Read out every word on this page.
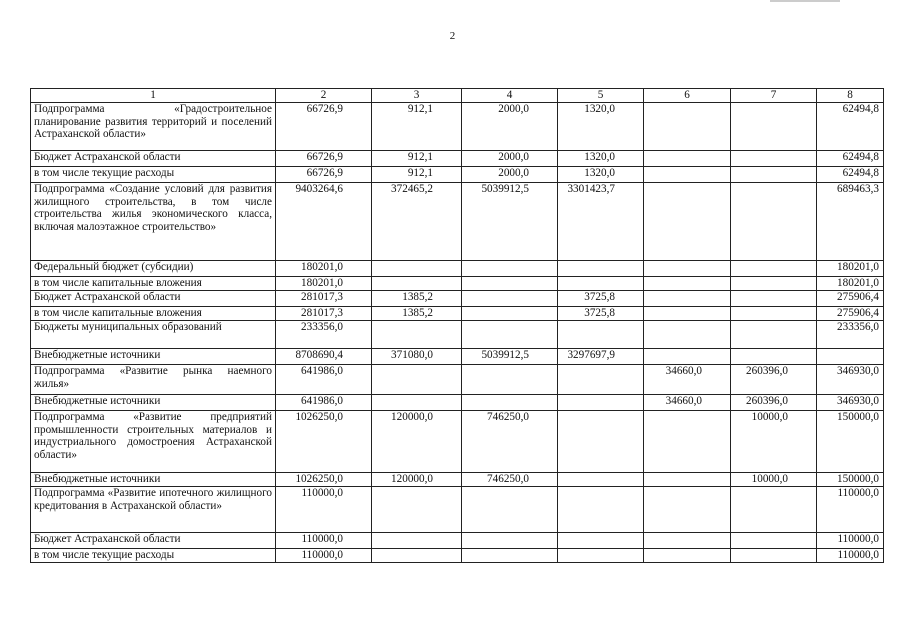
2
1	2	3	4	5	6	7	8
Подпрограмма «Градостроительное планирование развития территорий и поселений Астраханской области»	66726,9	912,1	2000,0	1320,0			62494,8
Бюджет Астраханской области	66726,9	912,1	2000,0	1320,0			62494,8
в том числе текущие расходы	66726,9	912,1	2000,0	1320,0			62494,8
Подпрограмма «Создание условий для развития жилищного строительства, в том числе строительства жилья экономического класса, включая малоэтажное строительство»	9403264,6	372465,2	5039912,5	3301423,7			689463,3
Федеральный бюджет (субсидии)	180201,0						180201,0
в том числе капитальные вложения	180201,0						180201,0
Бюджет Астраханской области	281017,3	1385,2		3725,8			275906,4
в том числе капитальные вложения	281017,3	1385,2		3725,8			275906,4
Бюджеты муниципальных образований	233356,0						233356,0
Внебюджетные источники	8708690,4	371080,0	5039912,5	3297697,9			
Подпрограмма «Развитие рынка наемного жилья»	641986,0				34660,0	260396,0	346930,0
Внебюджетные источники	641986,0				34660,0	260396,0	346930,0
Подпрограмма «Развитие предприятий промышленности строительных материалов и индустриального домостроения Астраханской области»	1026250,0	120000,0	746250,0			10000,0	150000,0
Внебюджетные источники	1026250,0	120000,0	746250,0			10000,0	150000,0
Подпрограмма «Развитие ипотечного жилищного кредитования в Астраханской области»	110000,0						110000,0
Бюджет Астраханской области	110000,0						110000,0
в том числе текущие расходы	110000,0						110000,0
